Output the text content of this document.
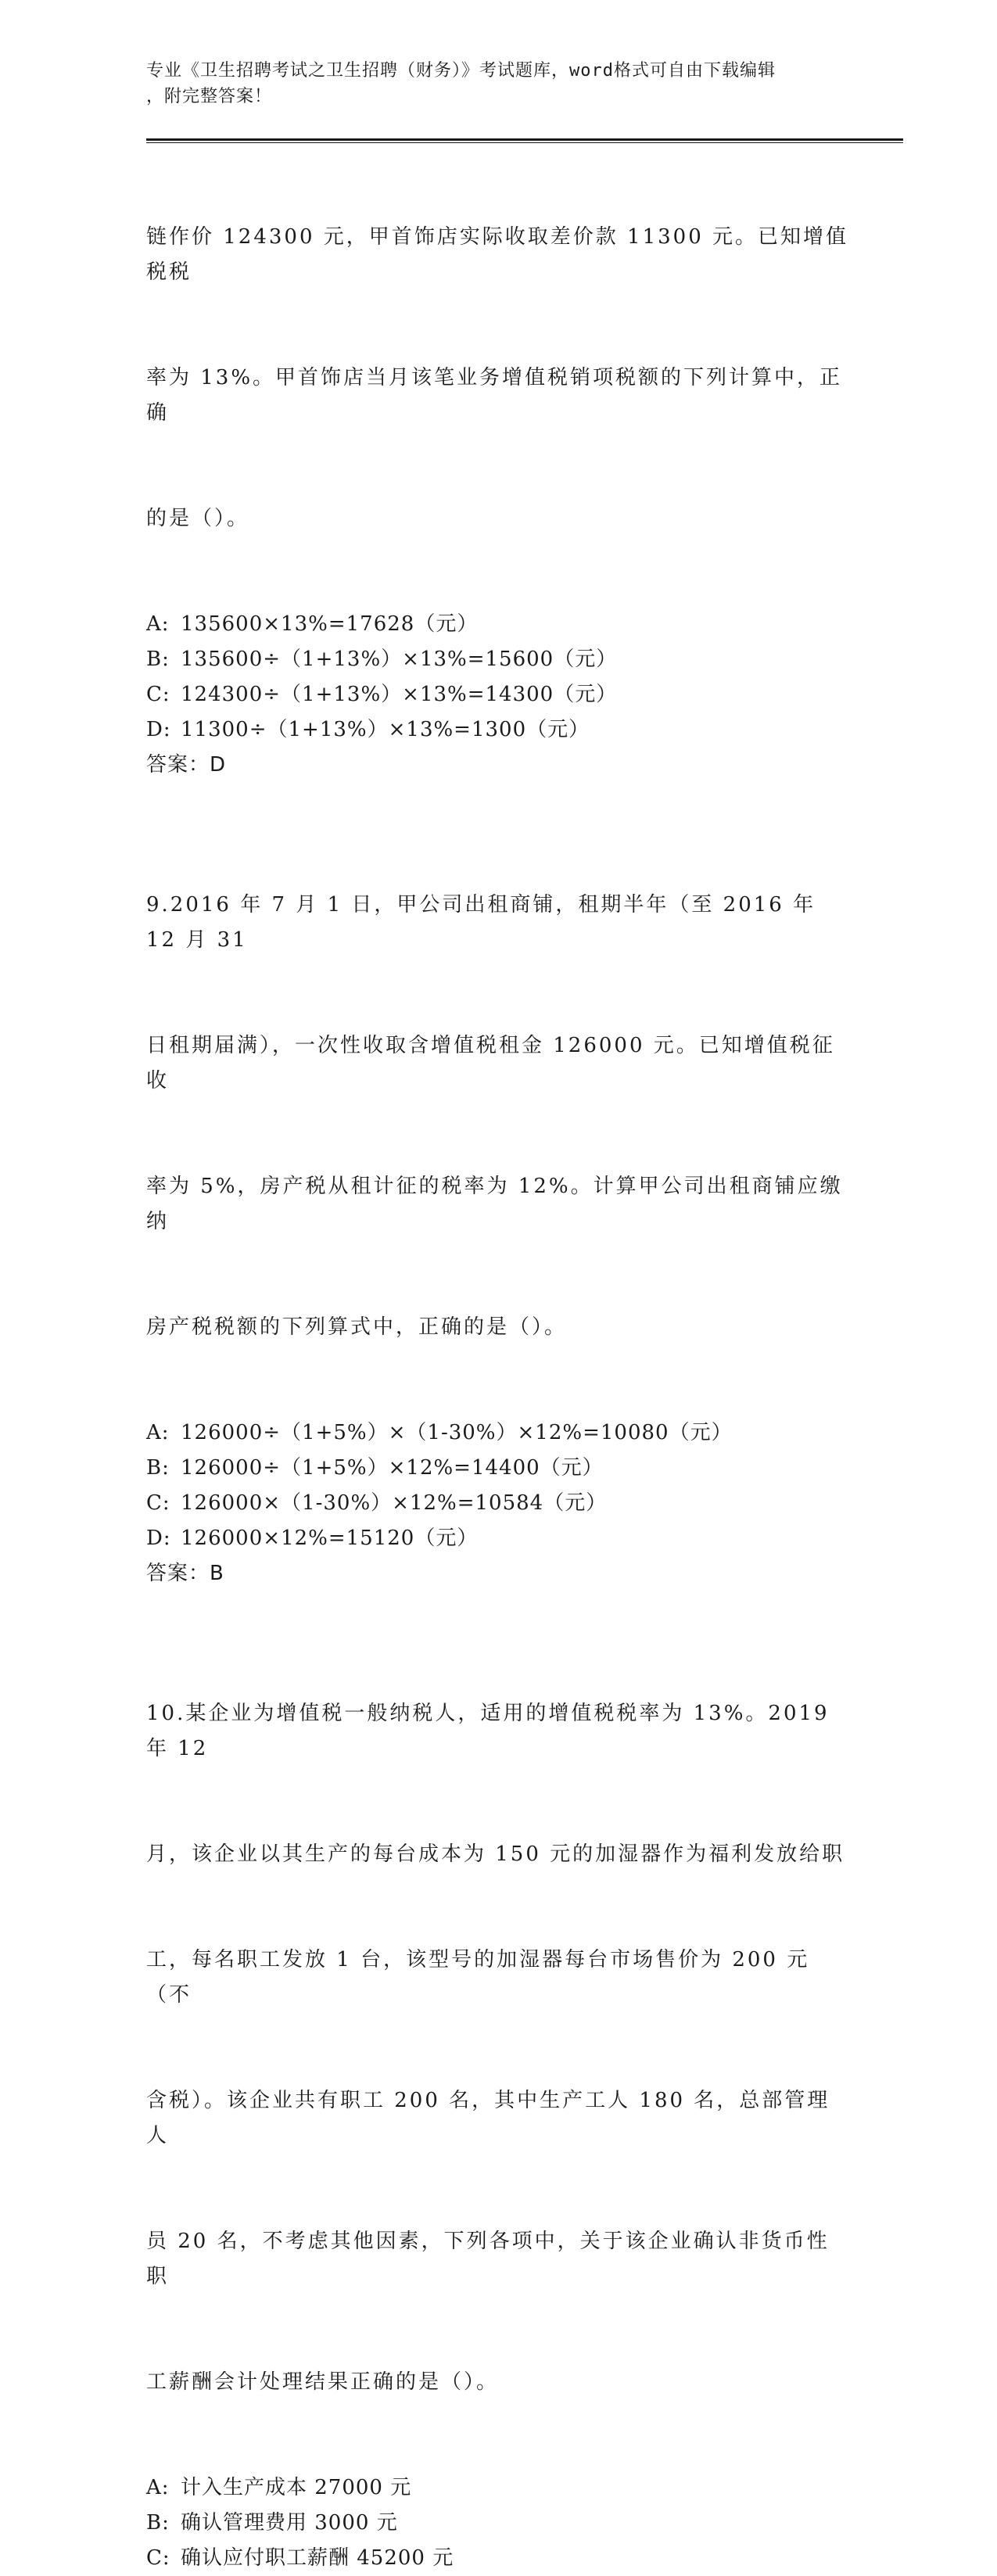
专业《卫生招聘考试之卫生招聘（财务）》考试题库，word格式可自由下载编辑
，附完整答案！

链作价 124300 元，甲首饰店实际收取差价款 11300 元。已知增值税税

率为 13%。甲首饰店当月该笔业务增值税销项税额的下列计算中，正确

的是（）。

A: 135600×13%=17628（元）
B: 135600÷（1+13%）×13%=15600（元）
C: 124300÷（1+13%）×13%=14300（元）
D: 11300÷（1+13%）×13%=1300（元）
答案：D

9.2016 年 7 月 1 日，甲公司出租商铺，租期半年（至 2016 年 12 月 31

日租期届满），一次性收取含增值税租金 126000 元。已知增值税征收

率为 5%，房产税从租计征的税率为 12%。计算甲公司出租商铺应缴纳

房产税税额的下列算式中，正确的是（）。

A: 126000÷（1+5%）×（1-30%）×12%=10080（元）
B: 126000÷（1+5%）×12%=14400（元）
C: 126000×（1-30%）×12%=10584（元）
D: 126000×12%=15120（元）
答案：B

10.某企业为增值税一般纳税人，适用的增值税税率为 13%。2019 年 12

月，该企业以其生产的每台成本为 150 元的加湿器作为福利发放给职

工，每名职工发放 1 台，该型号的加湿器每台市场售价为 200 元（不

含税）。该企业共有职工 200 名，其中生产工人 180 名，总部管理人

员 20 名，不考虑其他因素，下列各项中，关于该企业确认非货币性职

工薪酬会计处理结果正确的是（）。

A: 计入生产成本 27000 元
B: 确认管理费用 3000 元
C: 确认应付职工薪酬 45200 元
